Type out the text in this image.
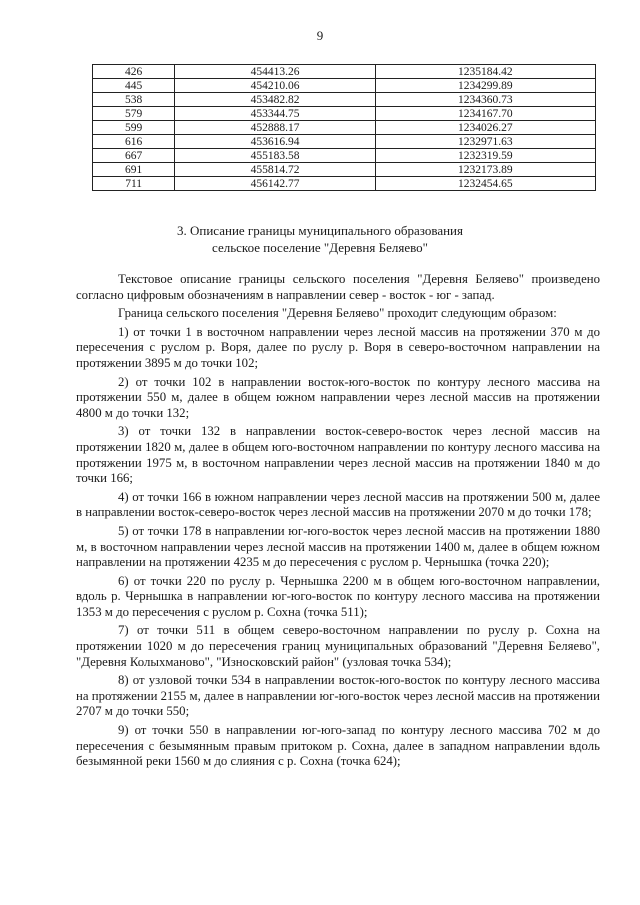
9
426	454413.26	1235184.42
445	454210.06	1234299.89
538	453482.82	1234360.73
579	453344.75	1234167.70
599	452888.17	1234026.27
616	453616.94	1232971.63
667	455183.58	1232319.59
691	455814.72	1232173.89
711	456142.77	1232454.65
3. Описание границы муниципального образования
сельское поселение "Деревня Беляево"

Текстовое описание границы сельского поселения "Деревня Беляево" произведено согласно цифровым обозначениям в направлении север - восток - юг - запад.

Граница сельского поселения "Деревня Беляево" проходит следующим образом:

1) от точки 1 в восточном направлении через лесной массив на протяжении 370 м до пересечения с руслом р. Воря, далее по руслу р. Воря в северо-восточном направлении на протяжении 3895 м до точки 102;

2) от точки 102 в направлении восток-юго-восток по контуру лесного массива на протяжении 550 м, далее в общем южном направлении через лесной массив на протяжении 4800 м до точки 132;

3) от точки 132 в направлении восток-северо-восток через лесной массив на протяжении 1820 м, далее в общем юго-восточном направлении по контуру лесного массива на протяжении 1975 м, в восточном направлении через лесной массив на протяжении 1840 м до точки 166;

4) от точки 166 в южном направлении через лесной массив на протяжении 500 м, далее в направлении восток-северо-восток через лесной массив на протяжении 2070 м до точки 178;

5) от точки 178 в направлении юг-юго-восток через лесной массив на протяжении 1880 м, в восточном направлении через лесной массив на протяжении 1400 м, далее в общем южном направлении на протяжении 4235 м до пересечения с руслом р. Чернышка (точка 220);

6) от точки 220 по руслу р. Чернышка 2200 м в общем юго-восточном направлении, вдоль р. Чернышка в направлении юг-юго-восток по контуру лесного массива на протяжении 1353 м до пересечения с руслом р. Сохна (точка 511);

7) от точки 511 в общем северо-восточном направлении по руслу р. Сохна на протяжении 1020 м до пересечения границ муниципальных образований "Деревня Беляево", "Деревня Колыхманово", "Износковский район" (узловая точка 534);

8) от узловой точки 534 в направлении восток-юго-восток по контуру лесного массива на протяжении 2155 м, далее в направлении юг-юго-восток через лесной массив на протяжении 2707 м до точки 550;

9) от точки 550 в направлении юг-юго-запад по контуру лесного массива 702 м до пересечения с безымянным правым притоком р. Сохна, далее в западном направлении вдоль безымянной реки 1560 м до слияния с р. Сохна (точка 624);
